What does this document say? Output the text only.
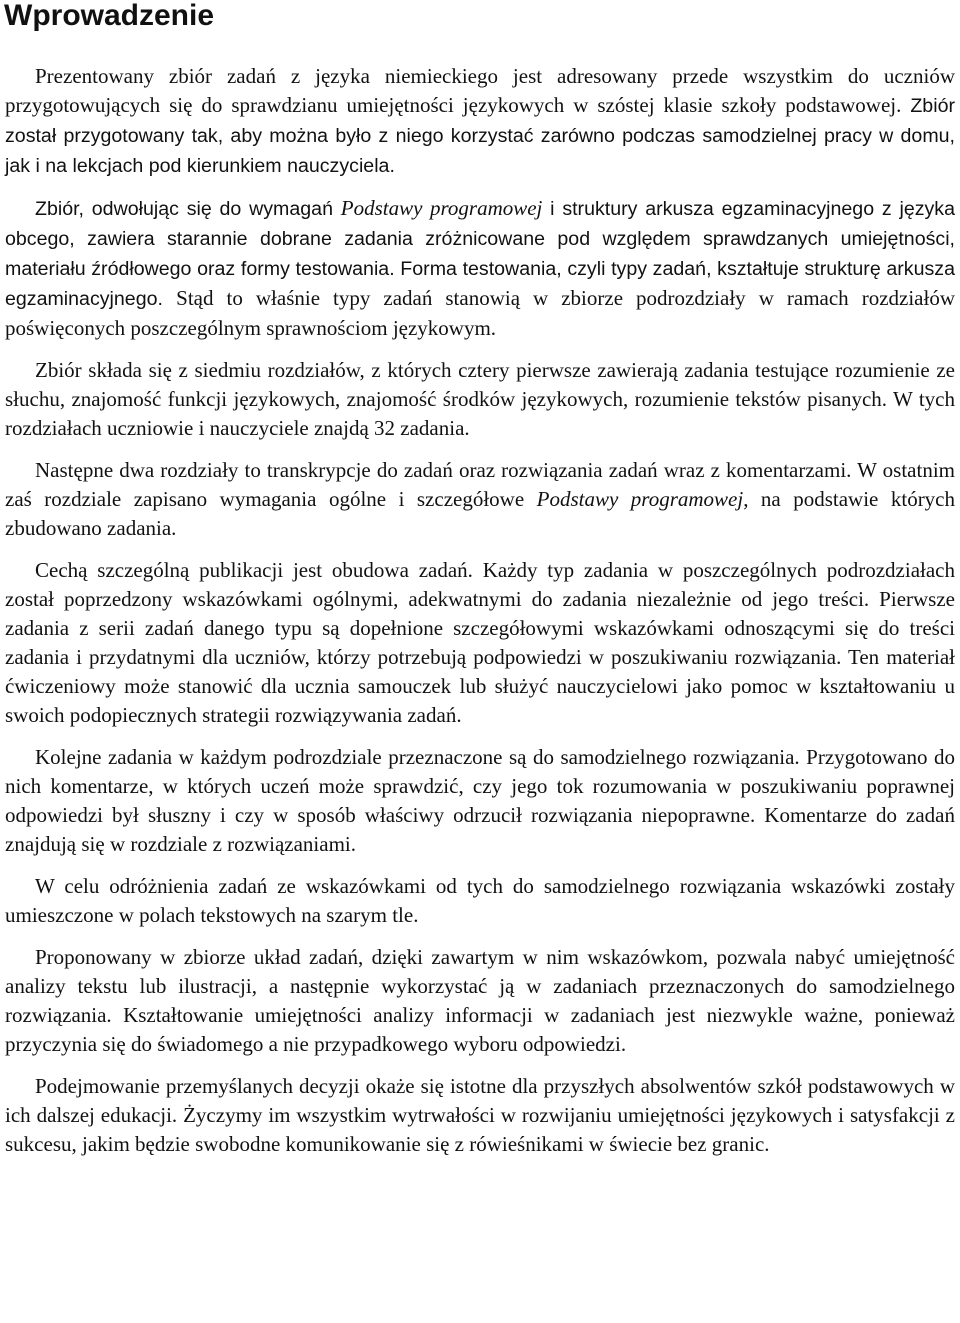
Wprowadzenie

Prezentowany zbiór zadań z języka niemieckiego jest adresowany przede wszystkim do uczniów przygotowujących się do sprawdzianu umiejętności językowych w szóstej klasie szkoły podstawowej. Zbiór został przygotowany tak, aby można było z niego korzystać zarówno podczas samodzielnej pracy w domu, jak i na lekcjach pod kierunkiem nauczyciela.

Zbiór, odwołując się do wymagań Podstawy programowej i struktury arkusza egzaminacyjnego z języka obcego, zawiera starannie dobrane zadania zróżnicowane pod względem sprawdzanych umiejętności, materiału źródłowego oraz formy testowania. Forma testowania, czyli typy zadań, kształtuje strukturę arkusza egzaminacyjnego. Stąd to właśnie typy zadań stanowią w zbiorze podrozdziały w ramach rozdziałów poświęconych poszczególnym sprawnościom językowym.

Zbiór składa się z siedmiu rozdziałów, z których cztery pierwsze zawierają zadania testujące rozumienie ze słuchu, znajomość funkcji językowych, znajomość środków językowych, rozumienie tekstów pisanych. W tych rozdziałach uczniowie i nauczyciele znajdą 32 zadania.

Następne dwa rozdziały to transkrypcje do zadań oraz rozwiązania zadań wraz z komentarzami. W ostatnim zaś rozdziale zapisano wymagania ogólne i szczegółowe Podstawy programowej, na podstawie których zbudowano zadania.

Cechą szczególną publikacji jest obudowa zadań. Każdy typ zadania w poszczególnych podrozdziałach został poprzedzony wskazówkami ogólnymi, adekwatnymi do zadania niezależnie od jego treści. Pierwsze zadania z serii zadań danego typu są dopełnione szczegółowymi wskazówkami odnoszącymi się do treści zadania i przydatnymi dla uczniów, którzy potrzebują podpowiedzi w poszukiwaniu rozwiązania. Ten materiał ćwiczeniowy może stanowić dla ucznia samouczek lub służyć nauczycielowi jako pomoc w kształtowaniu u swoich podopiecznych strategii rozwiązywania zadań.

Kolejne zadania w każdym podrozdziale przeznaczone są do samodzielnego rozwiązania. Przygotowano do nich komentarze, w których uczeń może sprawdzić, czy jego tok rozumowania w poszukiwaniu poprawnej odpowiedzi był słuszny i czy w sposób właściwy odrzucił rozwiązania niepoprawne. Komentarze do zadań znajdują się w rozdziale z rozwiązaniami.

W celu odróżnienia zadań ze wskazówkami od tych do samodzielnego rozwiązania wskazówki zostały umieszczone w polach tekstowych na szarym tle.

Proponowany w zbiorze układ zadań, dzięki zawartym w nim wskazówkom, pozwala nabyć umiejętność analizy tekstu lub ilustracji, a następnie wykorzystać ją w zadaniach przeznaczonych do samodzielnego rozwiązania. Kształtowanie umiejętności analizy informacji w zadaniach jest niezwykle ważne, ponieważ przyczynia się do świadomego a nie przypadkowego wyboru odpowiedzi.

Podejmowanie przemyślanych decyzji okaże się istotne dla przyszłych absolwentów szkół podstawowych w ich dalszej edukacji. Życzymy im wszystkim wytrwałości w rozwijaniu umiejętności językowych i satysfakcji z sukcesu, jakim będzie swobodne komunikowanie się z rówieśnikami w świecie bez granic.
